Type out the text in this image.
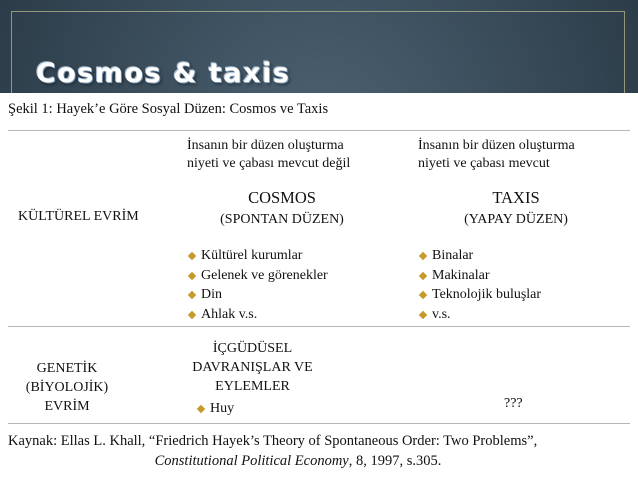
Cosmos & taxis
Şekil 1: Hayek’e Göre Sosyal Düzen: Cosmos ve Taxis
İnsanın bir düzen oluşturma
niyeti ve çabası mevcut değil
İnsanın bir düzen oluşturma
niyeti ve çabası mevcut
KÜLTÜREL EVRİM
COSMOS
(SPONTAN DÜZEN)
TAXIS
(YAPAY DÜZEN)
Kültürel kurumlar
Gelenek ve görenekler
Din
Ahlak v.s.
Binalar
Makinalar
Teknolojik buluşlar
v.s.
GENETİK
(BİYOLOJİK)
EVRİM
İÇGÜDÜSEL
DAVRANIŞLAR VE
EYLEMLER
Huy	???
Kaynak: Ellas L. Khall, “Friedrich Hayek’s Theory of Spontaneous Order: Two Problems”,
Constitutional Political Economy, 8, 1997, s.305.
